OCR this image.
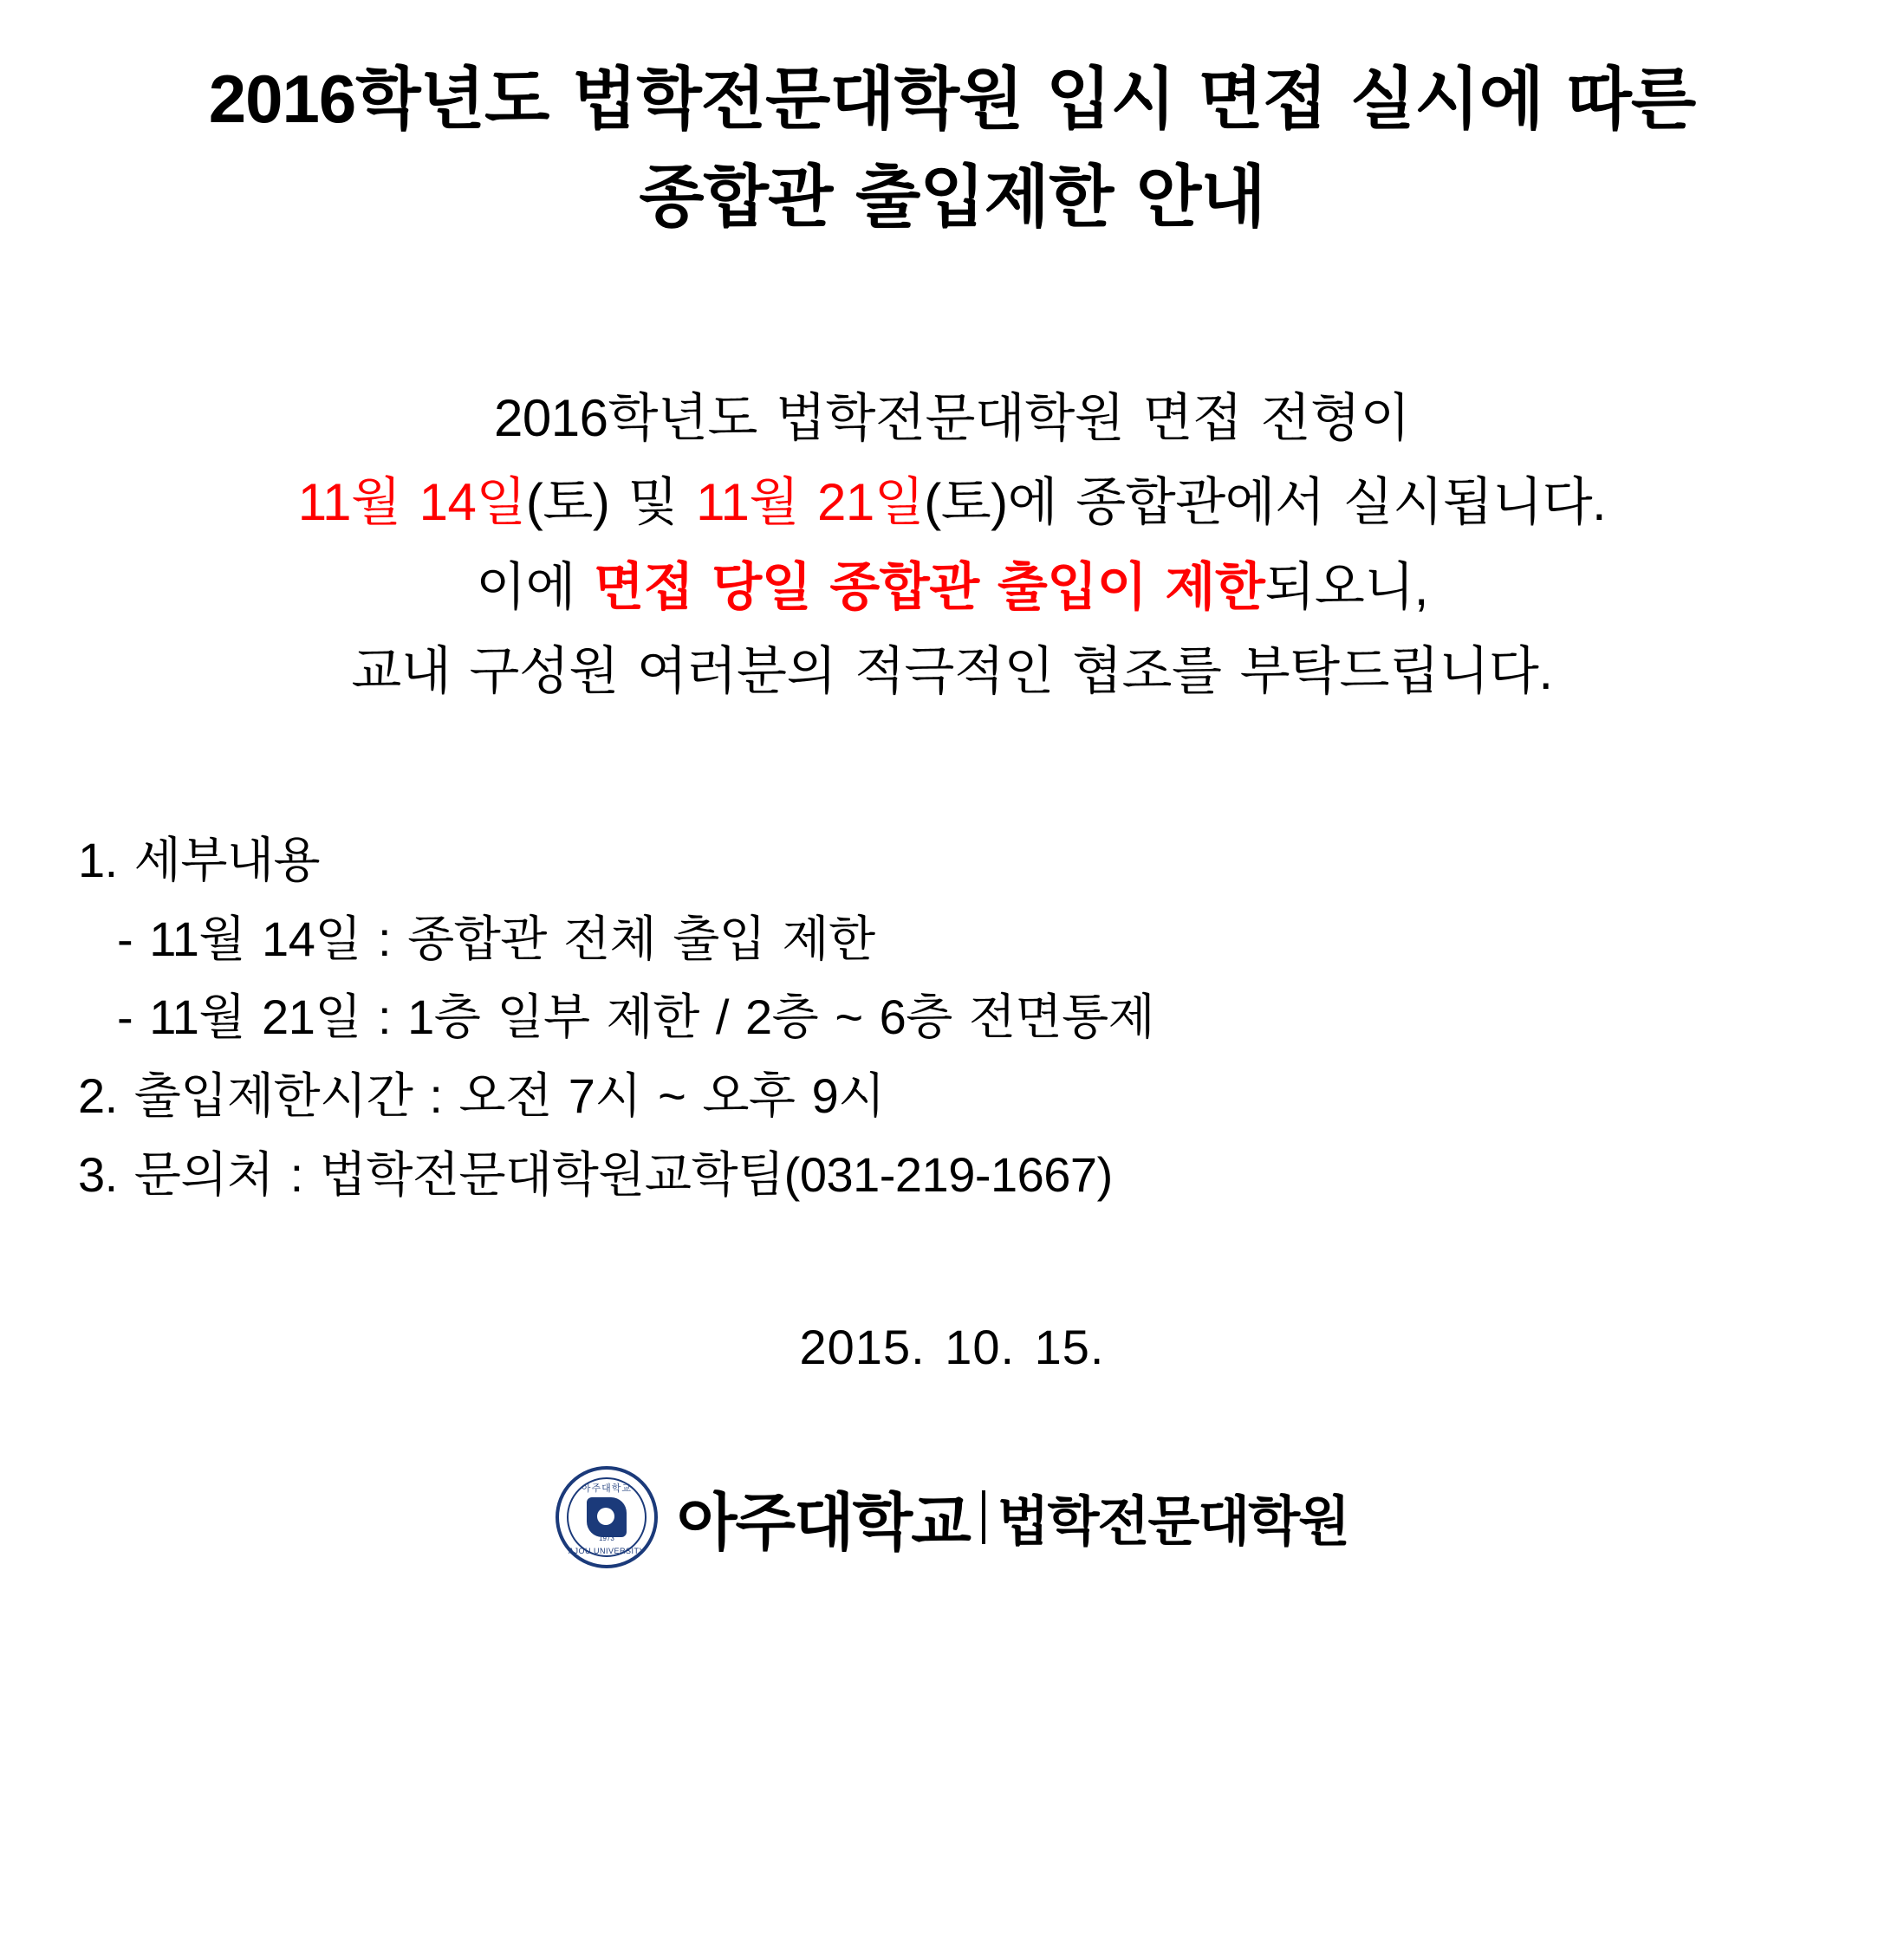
2016학년도 법학전문대학원 입시 면접 실시에 따른
종합관 출입제한 안내
2016학년도 법학전문대학원 면접 전형이
11월 14일(토) 및 11월 21일(토)에 종합관에서 실시됩니다.
이에 면접 당일 종합관 출입이 제한되오니,
교내 구성원 여러분의 적극적인 협조를 부탁드립니다.
1. 세부내용
- 11월 14일 : 종합관 전체 출입 제한
- 11월 21일 : 1층 일부 제한 / 2층 ~ 6층 전면통제
2. 출입제한시간 : 오전 7시 ~ 오후 9시
3. 문의처 : 법학전문대학원교학팀(031-219-1667)
2015. 10. 15.
아주대학교
1973
AJOU UNIVERSITY 아주대학교 법학전문대학원
